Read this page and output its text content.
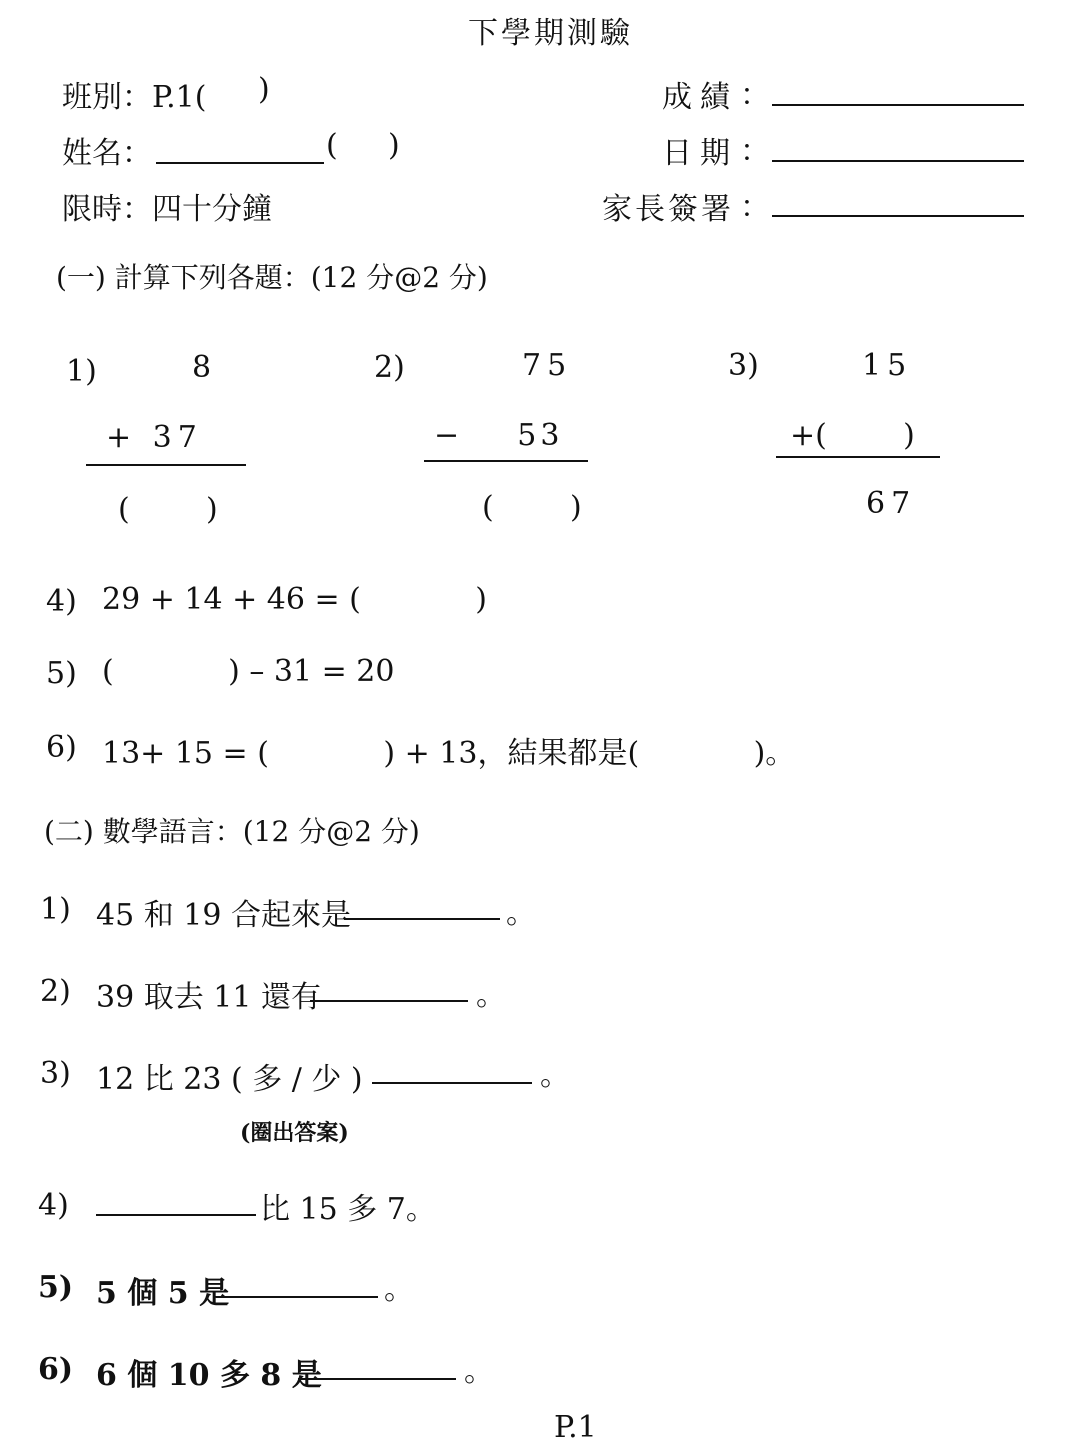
下學期測驗
班別：P.1( )
姓名：	( )
限時：四十分鐘
成績 ：
日期 ：
家長簽署 ：
(一) 計算下列各題：(12 分@2 分)
1)	8
+ 37
(        )
2)	75
−    53
(        )
3)	15
+(        )
67
4) 29 + 14 + 46 = (            )
5) (            ) – 31 = 20
6) 13+ 15 = (            ) + 13，結果都是(            )。
(二) 數學語言：(12 分@2 分)
1) 45 和 19 合起來是	。
2) 39 取去 11 還有	。
3) 12 比 23 ( 多 / 少 )	。
(圈出答案)
4)	比 15 多 7。
5) 5 個 5 是	。
6) 6 個 10 多 8 是	。
P.1
